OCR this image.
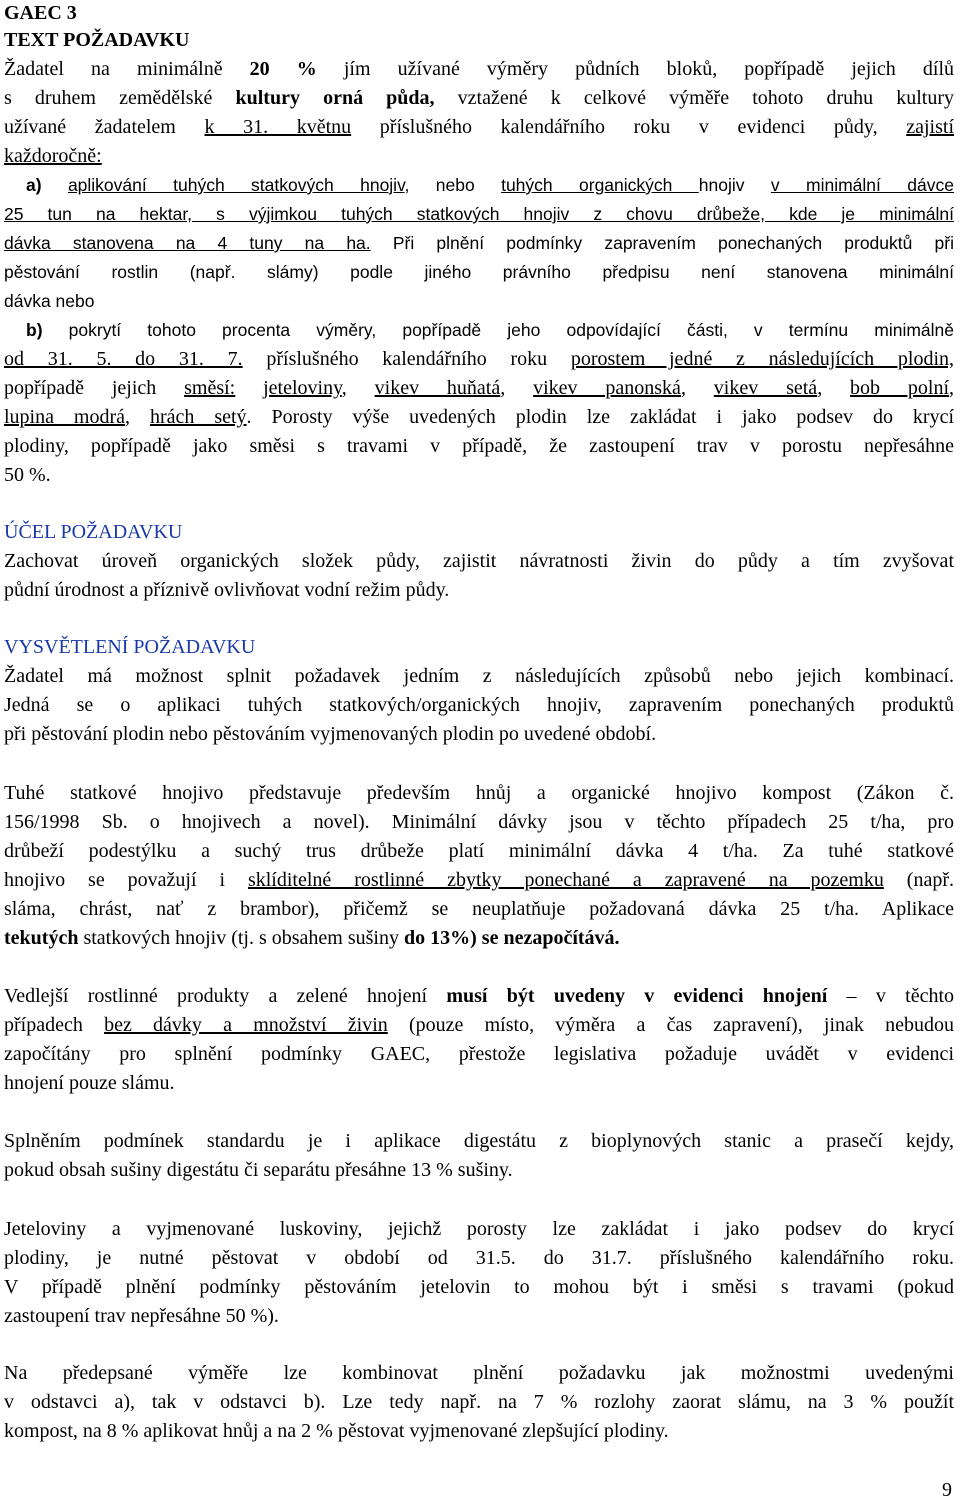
GAEC 3
TEXT POŽADAVKU
Žadatel na minimálně 20 % jím užívané výměry půdních bloků, popřípadě jejich dílů
s druhem zemědělské kultury orná půda, vztažené k celkové výměře tohoto druhu kultury
užívané žadatelem k 31. květnu příslušného kalendářního roku v evidenci půdy, zajistí
každoročně:
a) aplikování tuhých statkových hnojiv, nebo tuhých organických hnojiv v minimální dávce
25 tun na hektar, s výjimkou tuhých statkových hnojiv z chovu drůbeže, kde je minimální
dávka stanovena na 4 tuny na ha. Při plnění podmínky zapravením ponechaných produktů při
pěstování rostlin (např. slámy) podle jiného právního předpisu není stanovena minimální
dávka nebo
b) pokrytí tohoto procenta výměry, popřípadě jeho odpovídající části, v termínu minimálně
od 31. 5. do 31. 7. příslušného kalendářního roku porostem jedné z následujících plodin,
popřípadě jejich směsí: jeteloviny, vikev huňatá, vikev panonská, vikev setá, bob polní,
lupina modrá, hrách setý. Porosty výše uvedených plodin lze zakládat i jako podsev do krycí
plodiny, popřípadě jako směsi s travami v případě, že zastoupení trav v porostu nepřesáhne
50 %.
ÚČEL POŽADAVKU
Zachovat úroveň organických složek půdy, zajistit návratnosti živin do půdy a tím zvyšovat
půdní úrodnost a příznivě ovlivňovat vodní režim půdy.
VYSVĚTLENÍ POŽADAVKU
Žadatel má možnost splnit požadavek jedním z následujících způsobů nebo jejich kombinací.
Jedná se o aplikaci tuhých statkových/organických hnojiv, zapravením ponechaných produktů
při pěstování plodin nebo pěstováním vyjmenovaných plodin po uvedené období.
Tuhé statkové hnojivo představuje především hnůj a organické hnojivo kompost (Zákon č.
156/1998 Sb. o hnojivech a novel). Minimální dávky jsou v těchto případech 25 t/ha, pro
drůbeží podestýlku a suchý trus drůbeže platí minimální dávka 4 t/ha. Za tuhé statkové
hnojivo se považují i sklíditelné rostlinné zbytky ponechané a zapravené na pozemku (např.
sláma, chrást, nať z brambor), přičemž se neuplatňuje požadovaná dávka 25 t/ha. Aplikace
tekutých statkových hnojiv (tj. s obsahem sušiny do 13%) se nezapočítává.
Vedlejší rostlinné produkty a zelené hnojení musí být uvedeny v evidenci hnojení – v těchto
případech bez dávky a množství živin (pouze místo, výměra a čas zapravení), jinak nebudou
započítány pro splnění podmínky GAEC, přestože legislativa požaduje uvádět v evidenci
hnojení pouze slámu.
Splněním podmínek standardu je i aplikace digestátu z bioplynových stanic a prasečí kejdy,
pokud obsah sušiny digestátu či separátu přesáhne 13 % sušiny.
Jeteloviny a vyjmenované luskoviny, jejichž porosty lze zakládat i jako podsev do krycí
plodiny, je nutné pěstovat v období od 31.5. do 31.7. příslušného kalendářního roku.
V případě plnění podmínky pěstováním jetelovin to mohou být i směsi s travami (pokud
zastoupení trav nepřesáhne 50 %).
Na předepsané výměře lze kombinovat plnění požadavku jak možnostmi uvedenými
v odstavci a), tak v odstavci b). Lze tedy např. na 7 % rozlohy zaorat slámu, na 3 % použít
kompost, na 8 % aplikovat hnůj a na 2 % pěstovat vyjmenované zlepšující plodiny.
9
